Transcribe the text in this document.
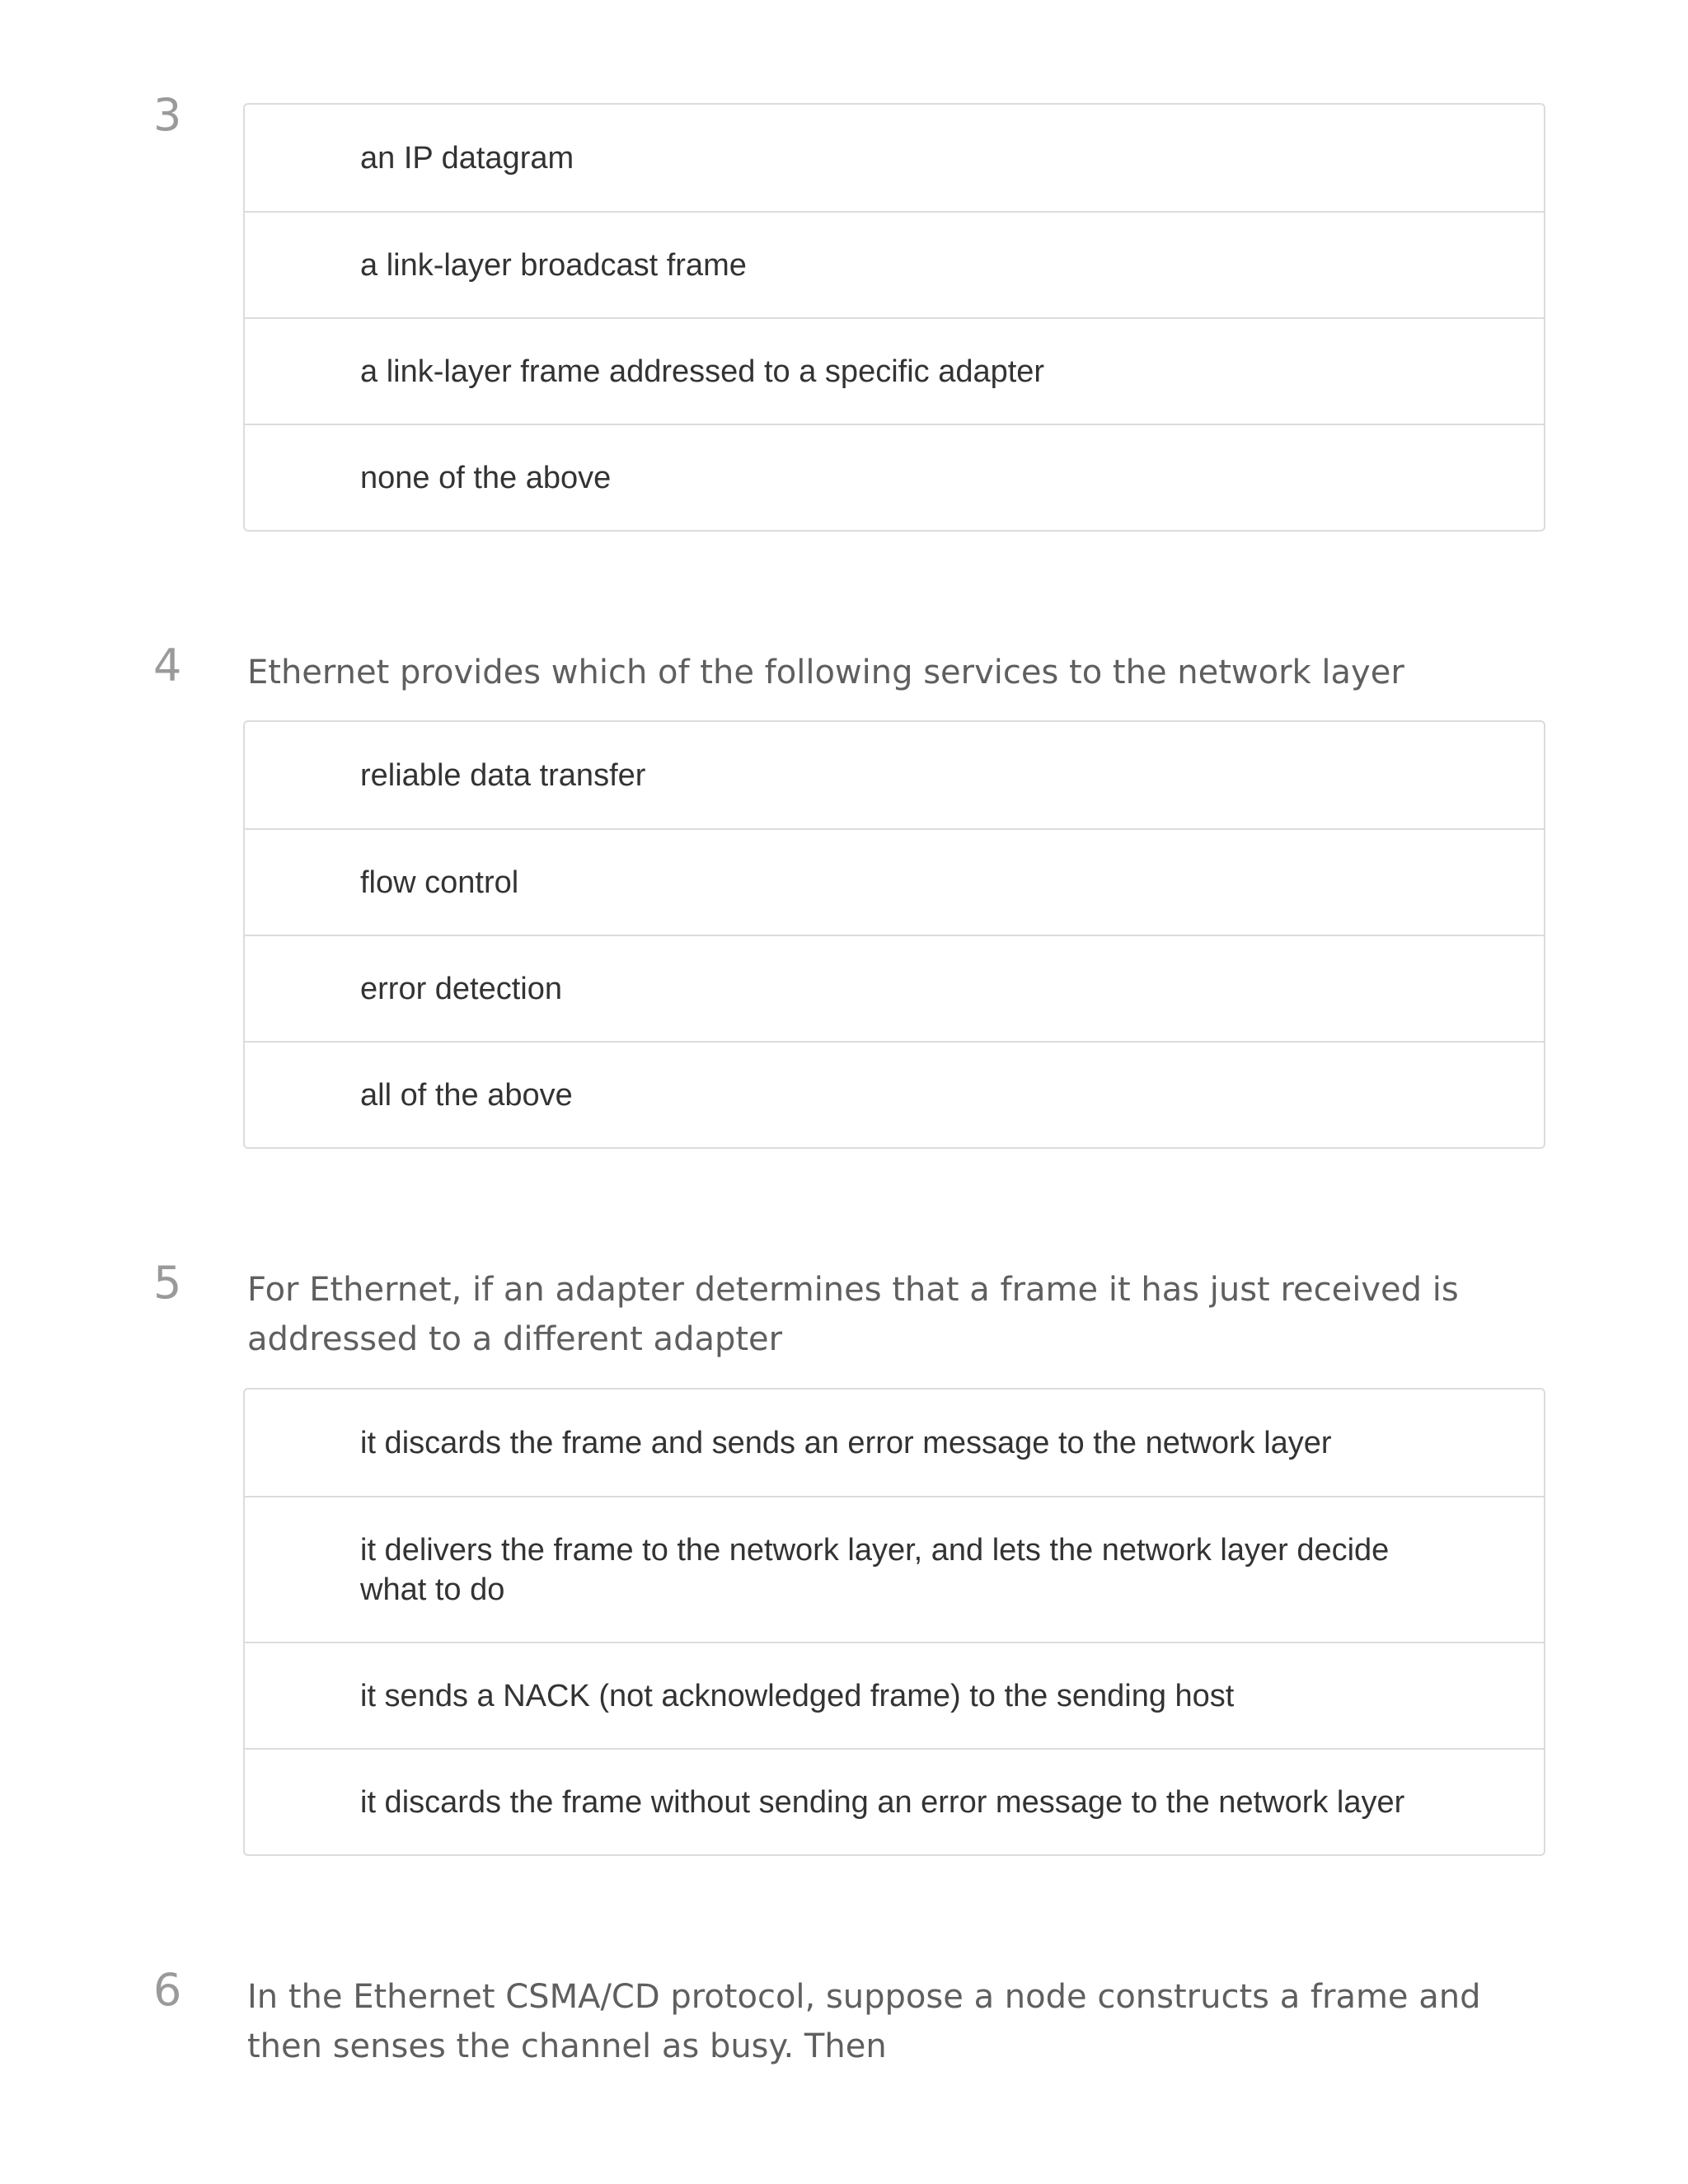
3
an IP datagram
a link-layer broadcast frame
a link-layer frame addressed to a specific adapter
none of the above
4 Ethernet provides which of the following services to the network layer

reliable data transfer
flow control
error detection
all of the above
5 For Ethernet, if an adapter determines that a frame it has just received is addressed to a different adapter

it discards the frame and sends an error message to the network layer
it delivers the frame to the network layer, and lets the network layer decide what to do
it sends a NACK (not acknowledged frame) to the sending host
it discards the frame without sending an error message to the network layer
6 In the Ethernet CSMA/CD protocol, suppose a node constructs a frame and then senses the channel as busy. Then
